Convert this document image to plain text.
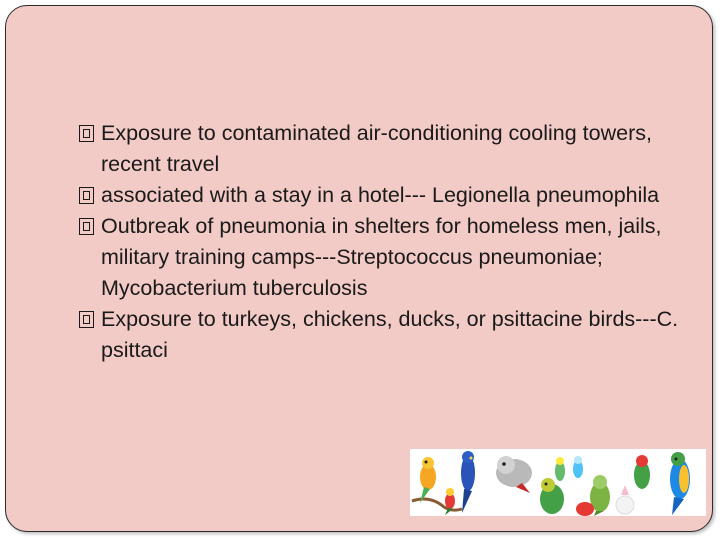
Exposure to contaminated air-conditioning cooling towers, recent travel
associated with a stay in a hotel--- Legionella pneumophila
Outbreak of pneumonia in shelters for homeless men, jails, military training camps---Streptococcus pneumoniae; Mycobacterium tuberculosis
Exposure to turkeys, chickens, ducks, or psittacine birds---C. psittaci
